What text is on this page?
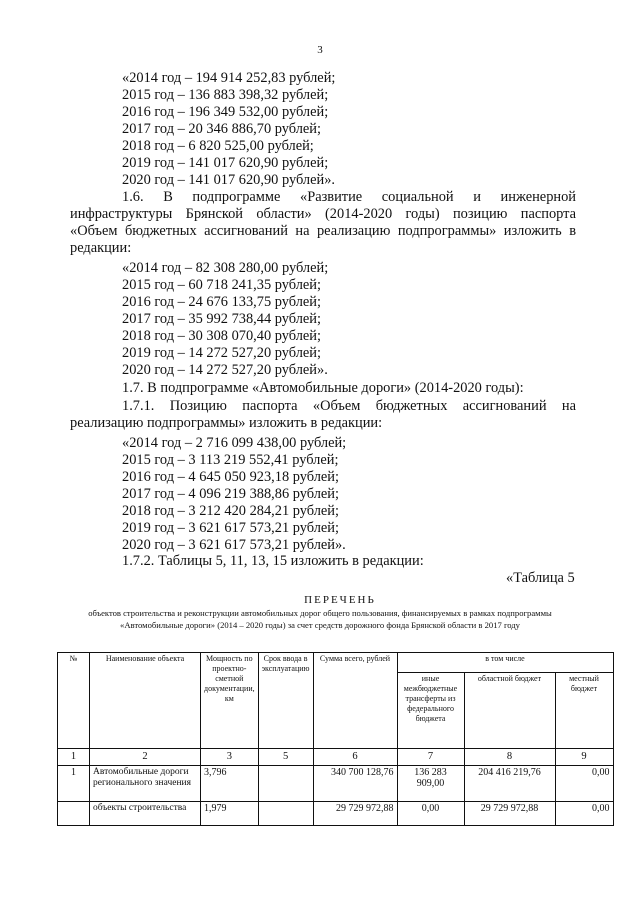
3
«2014 год – 194 914 252,83 рублей;
2015 год – 136 883 398,32 рублей;
2016 год – 196 349 532,00 рублей;
2017 год – 20 346 886,70 рублей;
2018 год – 6 820 525,00 рублей;
2019 год – 141 017 620,90 рублей;
2020 год – 141 017 620,90 рублей».
1.6. В подпрограмме «Развитие социальной и инженерной
инфраструктуры Брянской области» (2014-2020 годы) позицию паспорта
«Объем бюджетных ассигнований на реализацию подпрограммы» изложить в
редакции:
«2014 год – 82 308 280,00 рублей;
2015 год – 60 718 241,35 рублей;
2016 год – 24 676 133,75 рублей;
2017 год – 35 992 738,44 рублей;
2018 год – 30 308 070,40 рублей;
2019 год – 14 272 527,20 рублей;
2020 год – 14 272 527,20 рублей».
1.7. В подпрограмме «Автомобильные дороги» (2014-2020 годы):
1.7.1. Позицию паспорта «Объем бюджетных ассигнований на
реализацию подпрограммы» изложить в редакции:
«2014 год – 2 716 099 438,00 рублей;
2015 год – 3 113 219 552,41 рублей;
2016 год – 4 645 050 923,18 рублей;
2017 год – 4 096 219 388,86 рублей;
2018 год – 3 212 420 284,21 рублей;
2019 год – 3 621 617 573,21 рублей;
2020 год – 3 621 617 573,21 рублей».
1.7.2. Таблицы 5, 11, 13, 15 изложить в редакции:
«Таблица 5
ПЕРЕЧЕНЬ
объектов строительства и реконструкции автомобильных дорог общего пользования, финансируемых в рамках подпрограммы «Автомобильные дороги» (2014 – 2020 годы) за счет средств дорожного фонда Брянской области в 2017 году
№	Наименование объекта	Мощность по проектно-сметной документации, км	Срок ввода в эксплуатацию	Сумма всего, рублей	в том числе		
					иные межбюджетные трансферты из федерального бюджета	областной бюджет	местный бюджет
1	2	3	5	6	7	8	9
1	Автомобильные дороги регионального значения	3,796		340 700 128,76	136 283 909,00	204 416 219,76	0,00
	объекты строительства	1,979		29 729 972,88	0,00	29 729 972,88	0,00
